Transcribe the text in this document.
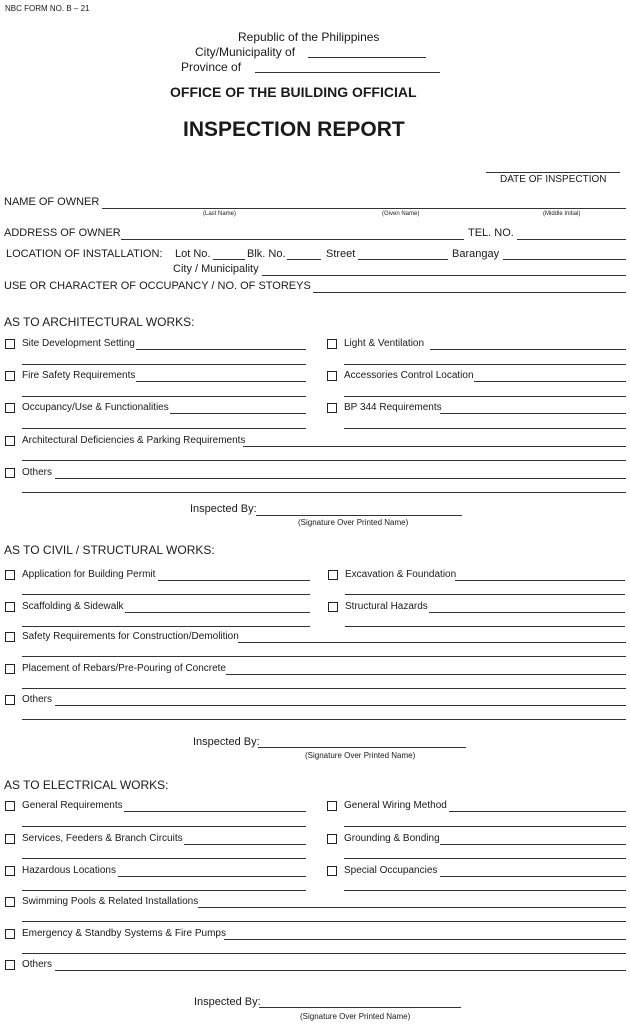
NBC FORM NO. B – 21
Republic of the Philippines
City/Municipality of
Province of
OFFICE OF THE BUILDING OFFICIAL
INSPECTION REPORT
DATE OF INSPECTION
NAME OF OWNER
(Last Name)	(Given Name)	(Middle Initial)
ADDRESS OF OWNER	TEL. NO.
LOCATION OF INSTALLATION: Lot No.	Blk. No.	Street	Barangay
City / Municipality
USE OR CHARACTER OF OCCUPANCY / NO. OF STOREYS
AS TO ARCHITECTURAL WORKS:
Site Development Setting	Light & Ventilation
Fire Safety Requirements	Accessories Control Location
Occupancy/Use & Functionalities	BP 344 Requirements
Architectural Deficiencies & Parking Requirements
Others
Inspected By:
(Signature Over Printed Name)
AS TO CIVIL / STRUCTURAL WORKS:
Application for Building Permit	Excavation & Foundation
Scaffolding & Sidewalk	Structural Hazards
Safety Requirements for Construction/Demolition
Placement of Rebars/Pre-Pouring of Concrete
Others
Inspected By:
(Signature Over Printed Name)
AS TO ELECTRICAL WORKS:
General Requirements	General Wiring Method
Services, Feeders & Branch Circuits	Grounding & Bonding
Hazardous Locations	Special Occupancies
Swimming Pools & Related Installations
Emergency & Standby Systems & Fire Pumps
Others
Inspected By:
(Signature Over Printed Name)
